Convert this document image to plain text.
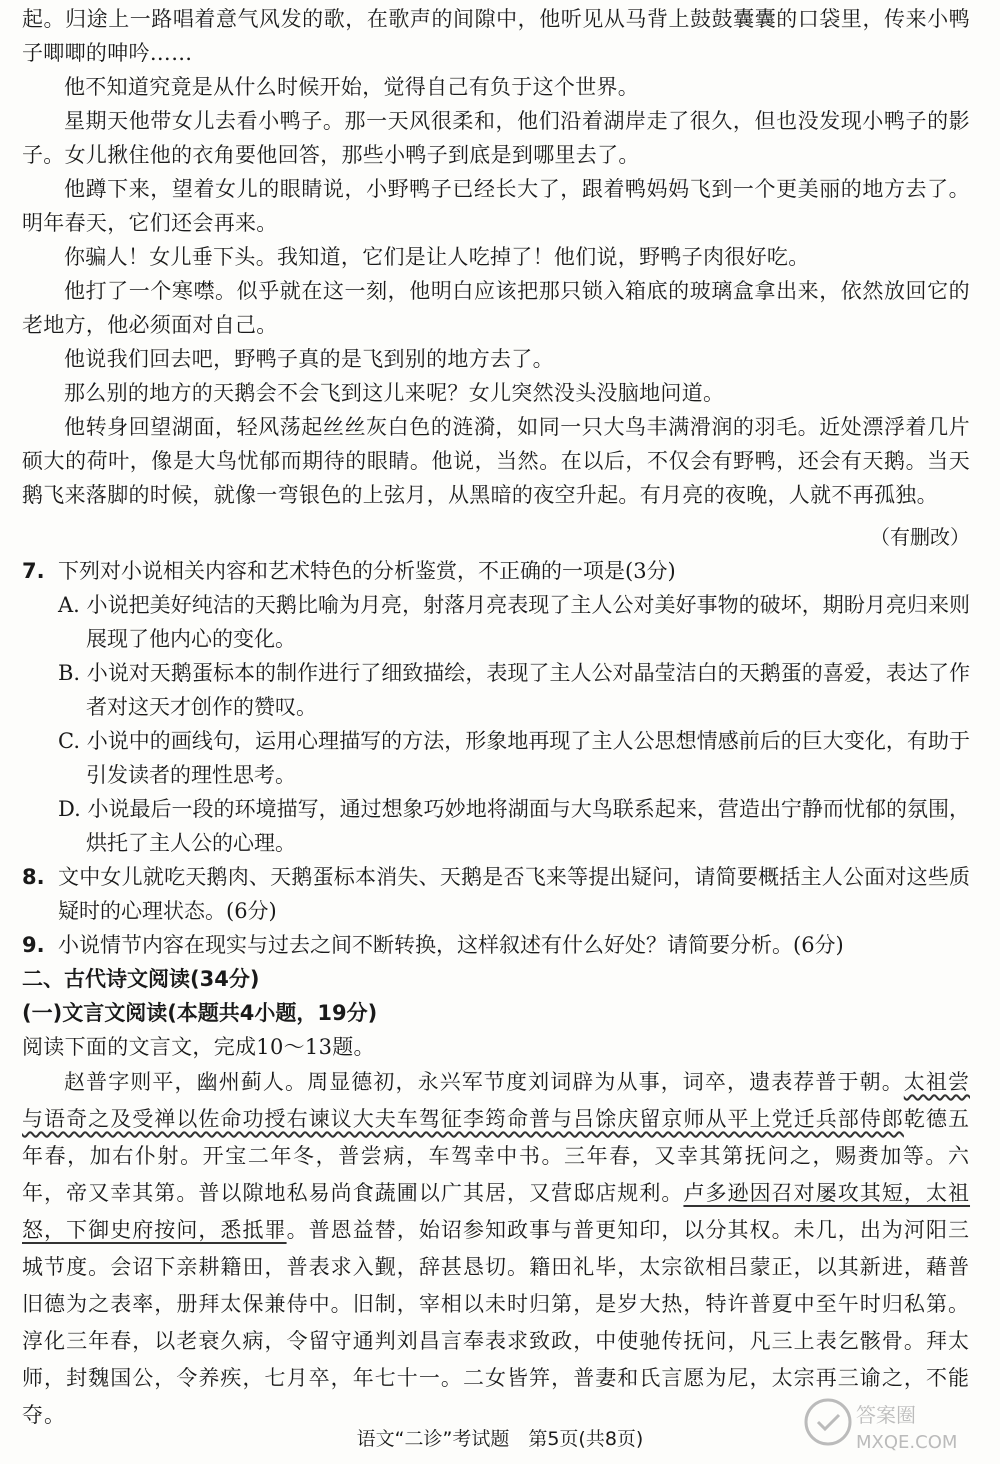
起。归途上一路唱着意气风发的歌，在歌声的间隙中，他听见从马背上鼓鼓囊囊的口袋里，传来小鸭子唧唧的呻吟……

他不知道究竟是从什么时候开始，觉得自己有负于这个世界。

星期天他带女儿去看小鸭子。那一天风很柔和，他们沿着湖岸走了很久，但也没发现小鸭子的影子。女儿揪住他的衣角要他回答，那些小鸭子到底是到哪里去了。

他蹲下来，望着女儿的眼睛说，小野鸭子已经长大了，跟着鸭妈妈飞到一个更美丽的地方去了。明年春天，它们还会再来。

你骗人！女儿垂下头。我知道，它们是让人吃掉了！他们说，野鸭子肉很好吃。

他打了一个寒噤。似乎就在这一刻，他明白应该把那只锁入箱底的玻璃盒拿出来，依然放回它的老地方，他必须面对自己。

他说我们回去吧，野鸭子真的是飞到别的地方去了。

那么别的地方的天鹅会不会飞到这儿来呢？女儿突然没头没脑地问道。

他转身回望湖面，轻风荡起丝丝灰白色的涟漪，如同一只大鸟丰满滑润的羽毛。近处漂浮着几片硕大的荷叶，像是大鸟忧郁而期待的眼睛。他说，当然。在以后，不仅会有野鸭，还会有天鹅。当天鹅飞来落脚的时候，就像一弯银色的上弦月，从黑暗的夜空升起。有月亮的夜晚，人就不再孤独。

（有删改）

7. 下列对小说相关内容和艺术特色的分析鉴赏，不正确的一项是(3分)

A. 小说把美好纯洁的天鹅比喻为月亮，射落月亮表现了主人公对美好事物的破坏，期盼月亮归来则展现了他内心的变化。

B. 小说对天鹅蛋标本的制作进行了细致描绘，表现了主人公对晶莹洁白的天鹅蛋的喜爱，表达了作者对这天才创作的赞叹。

C. 小说中的画线句，运用心理描写的方法，形象地再现了主人公思想情感前后的巨大变化，有助于引发读者的理性思考。

D. 小说最后一段的环境描写，通过想象巧妙地将湖面与大鸟联系起来，营造出宁静而忧郁的氛围，烘托了主人公的心理。

8. 文中女儿就吃天鹅肉、天鹅蛋标本消失、天鹅是否飞来等提出疑问，请简要概括主人公面对这些质疑时的心理状态。(6分)
9. 小说情节内容在现实与过去之间不断转换，这样叙述有什么好处？请简要分析。(6分)

二、古代诗文阅读(34分)

(一)文言文阅读(本题共4小题，19分)

阅读下面的文言文，完成10～13题。

赵普字则平，幽州蓟人。周显德初，永兴军节度刘词辟为从事，词卒，遗表荐普于朝。太祖尝与语奇之及受禅以佐命功授右谏议大夫车驾征李筠命普与吕馀庆留京师从平上党迁兵部侍郎乾德五年春，加右仆射。开宝二年冬，普尝病，车驾幸中书。三年春，又幸其第抚问之，赐赉加等。六年，帝又幸其第。普以隙地私易尚食蔬圃以广其居，又营邸店规利。卢多逊因召对屡攻其短，太祖怒，下御史府按问，悉抵罪。普恩益替，始诏参知政事与普更知印，以分其权。未几，出为河阳三城节度。会诏下亲耕籍田，普表求入觐，辞甚恳切。籍田礼毕，太宗欲相吕蒙正，以其新进，藉普旧德为之表率，册拜太保兼侍中。旧制，宰相以未时归第，是岁大热，特许普夏中至午时归私第。淳化三年春，以老衰久病，令留守通判刘昌言奉表求致政，中使驰传抚问，凡三上表乞骸骨。拜太师，封魏国公，令养疾，七月卒，年七十一。二女皆笄，普妻和氏言愿为尼，太宗再三谕之，不能夺。	答案圈
MXQE.COM
语文“二诊”考试题　第5页(共8页)
